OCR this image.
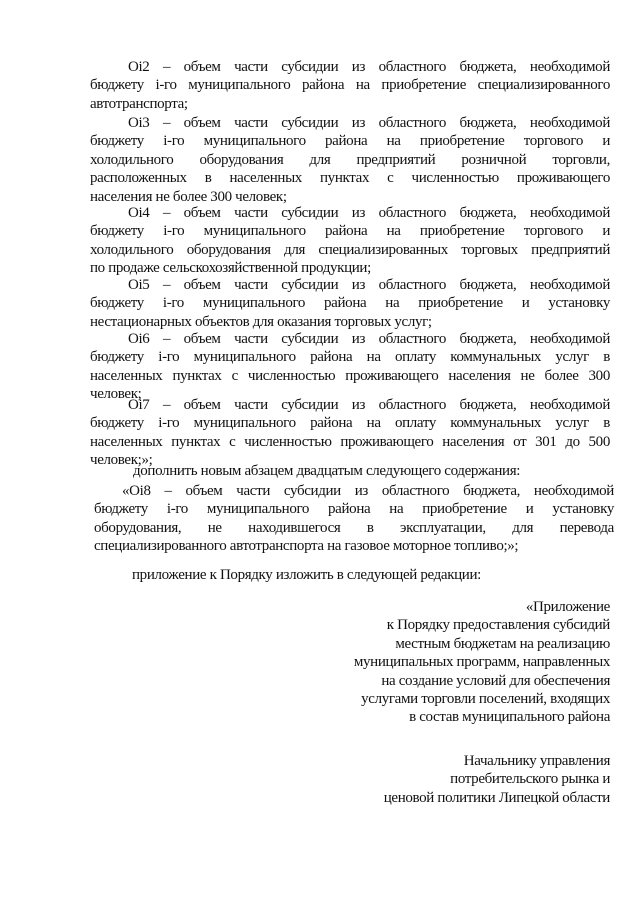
Oi2 – объем части субсидии из областного бюджета, необходимой
бюджету i-го муниципального района на приобретение специализированного
автотранспорта;
Oi3 – объем части субсидии из областного бюджета, необходимой
бюджету i-го муниципального района на приобретение торгового и
холодильного оборудования для предприятий розничной торговли,
расположенных в населенных пунктах с численностью проживающего
населения не более 300 человек;
Oi4 – объем части субсидии из областного бюджета, необходимой
бюджету i-го муниципального района на приобретение торгового и
холодильного оборудования для специализированных торговых предприятий
по продаже сельскохозяйственной продукции;
Oi5 – объем части субсидии из областного бюджета, необходимой
бюджету i-го муниципального района на приобретение и установку
нестационарных объектов для оказания торговых услуг;
Oi6 – объем части субсидии из областного бюджета, необходимой
бюджету i-го муниципального района на оплату коммунальных услуг в
населенных пунктах с численностью проживающего населения не более 300
человек;
Oi7 – объем части субсидии из областного бюджета, необходимой
бюджету i-го муниципального района на оплату коммунальных услуг в
населенных пунктах с численностью проживающего населения от 301 до 500
человек;»;

дополнить новым абзацем двадцатым следующего содержания:

«Oi8 – объем части субсидии из областного бюджета, необходимой
бюджету i-го муниципального района на приобретение и установку
оборудования, не находившегося в эксплуатации, для перевода
специализированного автотранспорта на газовое моторное топливо;»;

приложение к Порядку изложить в следующей редакции:

«Приложение
к Порядку предоставления субсидий
местным бюджетам на реализацию
муниципальных программ, направленных
на создание условий для обеспечения
услугами торговли поселений, входящих
в состав муниципального района
Начальнику управления
потребительского рынка и
ценовой политики Липецкой области
